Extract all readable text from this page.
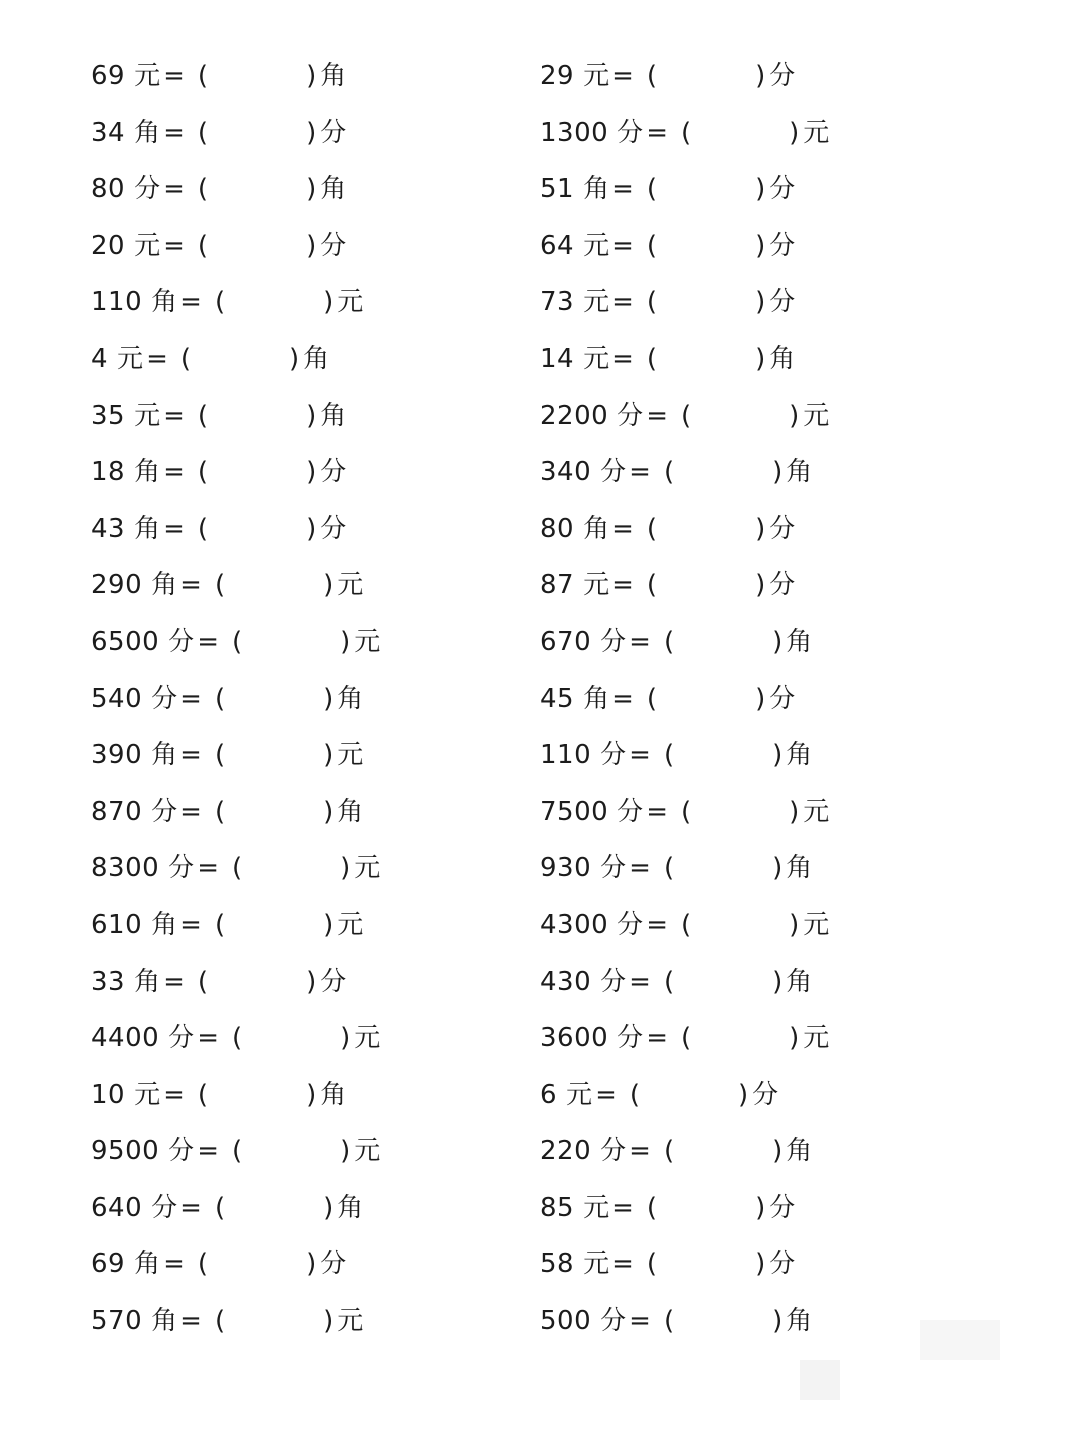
69 元 = (	) 角
34 角 = (	) 分
80 分 = (	) 角
20 元 = (	) 分
110 角 = (	) 元
4 元 = (	) 角
35 元 = (	) 角
18 角 = (	) 分
43 角 = (	) 分
290 角 = (	) 元
6500 分 = (	) 元
540 分 = (	) 角
390 角 = (	) 元
870 分 = (	) 角
8300 分 = (	) 元
610 角 = (	) 元
33 角 = (	) 分
4400 分 = (	) 元
10 元 = (	) 角
9500 分 = (	) 元
640 分 = (	) 角
69 角 = (	) 分
570 角 = (	) 元
29 元 = (	) 分
1300 分 = (	) 元
51 角 = (	) 分
64 元 = (	) 分
73 元 = (	) 分
14 元 = (	) 角
2200 分 = (	) 元
340 分 = (	) 角
80 角 = (	) 分
87 元 = (	) 分
670 分 = (	) 角
45 角 = (	) 分
110 分 = (	) 角
7500 分 = (	) 元
930 分 = (	) 角
4300 分 = (	) 元
430 分 = (	) 角
3600 分 = (	) 元
6 元 = (	) 分
220 分 = (	) 角
85 元 = (	) 分
58 元 = (	) 分
500 分 = (	) 角
